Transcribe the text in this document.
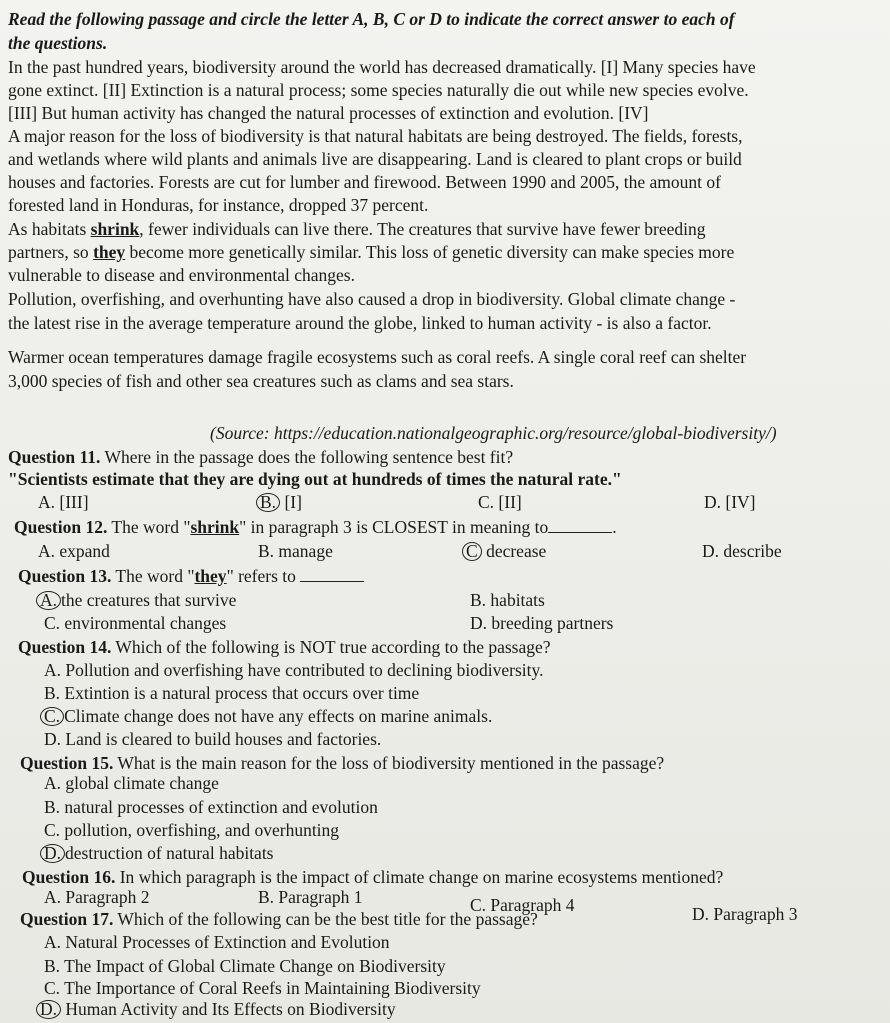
Read the following passage and circle the letter A, B, C or D to indicate the correct answer to each of
the questions.
In the past hundred years, biodiversity around the world has decreased dramatically. [I] Many species have
gone extinct. [II] Extinction is a natural process; some species naturally die out while new species evolve.
[III] But human activity has changed the natural processes of extinction and evolution. [IV]
A major reason for the loss of biodiversity is that natural habitats are being destroyed. The fields, forests,
and wetlands where wild plants and animals live are disappearing. Land is cleared to plant crops or build
houses and factories. Forests are cut for lumber and firewood. Between 1990 and 2005, the amount of
forested land in Honduras, for instance, dropped 37 percent.
As habitats shrink, fewer individuals can live there. The creatures that survive have fewer breeding
partners, so they become more genetically similar. This loss of genetic diversity can make species more
vulnerable to disease and environmental changes.
Pollution, overfishing, and overhunting have also caused a drop in biodiversity. Global climate change -
the latest rise in the average temperature around the globe, linked to human activity - is also a factor.
Warmer ocean temperatures damage fragile ecosystems such as coral reefs. A single coral reef can shelter
3,000 species of fish and other sea creatures such as clams and sea stars.
(Source: https://education.nationalgeographic.org/resource/global-biodiversity/)
Question 11. Where in the passage does the following sentence best fit?
"Scientists estimate that they are dying out at hundreds of times the natural rate."
A. [III]	B. [I]	C. [II]	D. [IV]
Question 12. The word "shrink" in paragraph 3 is CLOSEST in meaning to	.
A. expand	B. manage	C decrease	D. describe
Question 13. The word "they" refers to
A. the creatures that survive	B. habitats
C. environmental changes	D. breeding partners
Question 14. Which of the following is NOT true according to the passage?
A. Pollution and overfishing have contributed to declining biodiversity.
B. Extintion is a natural process that occurs over time
C. Climate change does not have any effects on marine animals.
D. Land is cleared to build houses and factories.
Question 15. What is the main reason for the loss of biodiversity mentioned in the passage?
A. global climate change
B. natural processes of extinction and evolution
C. pollution, overfishing, and overhunting
D. destruction of natural habitats
Question 16. In which paragraph is the impact of climate change on marine ecosystems mentioned?
A. Paragraph 2	B. Paragraph 1	C. Paragraph 4	D. Paragraph 3
Question 17. Which of the following can be the best title for the passage?
A. Natural Processes of Extinction and Evolution
B. The Impact of Global Climate Change on Biodiversity
C. The Importance of Coral Reefs in Maintaining Biodiversity
D. Human Activity and Its Effects on Biodiversity
